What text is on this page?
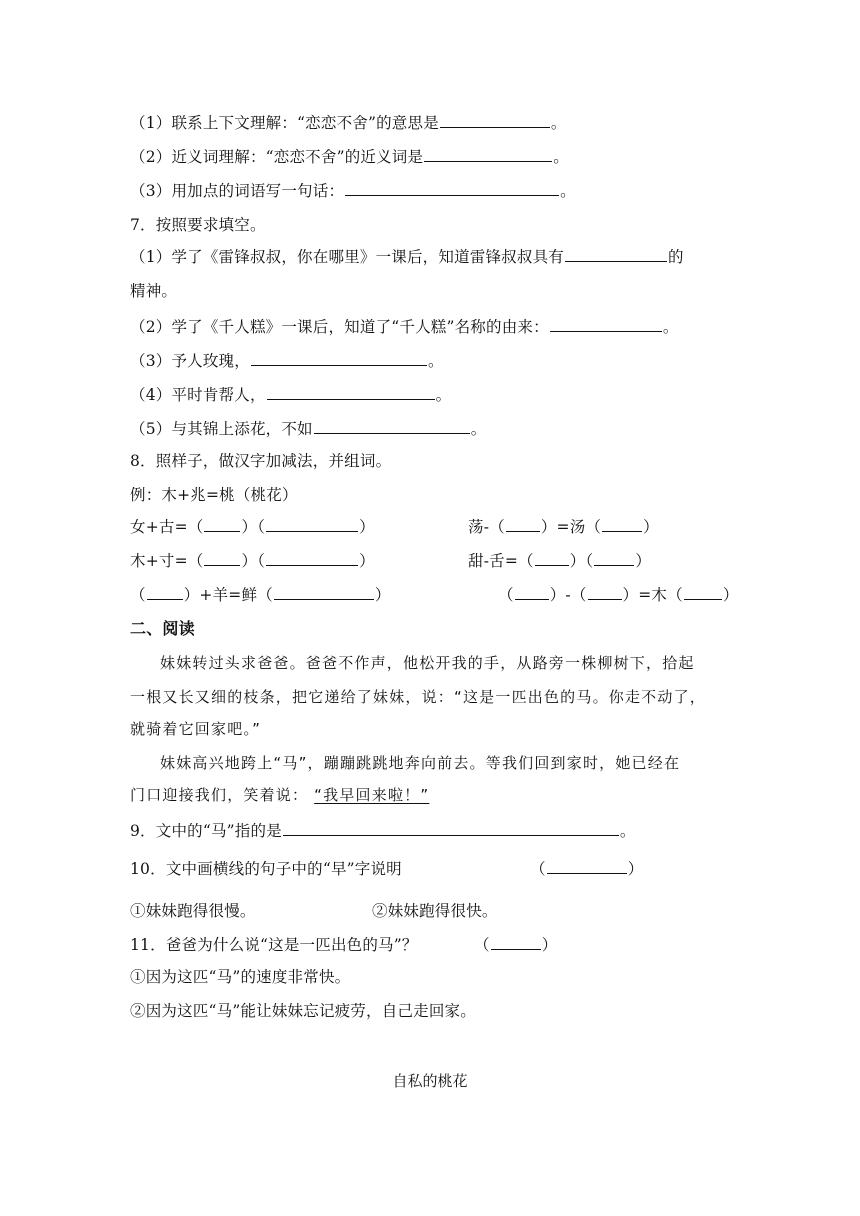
（1）联系上下文理解：“恋恋不舍”的意思是	。
（2）近义词理解：“恋恋不舍”的近义词是	。
（3）用加点的词语写一句话：	。
7．按照要求填空。
（1）学了《雷锋叔叔，你在哪里》一课后，知道雷锋叔叔具有	的
精神。
（2）学了《千人糕》一课后，知道了“千人糕”名称的由来：	。
（3）予人玫瑰，	。
（4）平时肯帮人，	。
（5）与其锦上添花，不如	。
8．照样子，做汉字加减法，并组词。
例：木+兆=桃（桃花）
女+古=（ ）（	）	荡-（ ）=汤（	）
木+寸=（ ）（	）	甜-舌=（ ）（	）
（ ）+羊=鲜（	）	（ ）-（ ）=木（	）
二、阅读
妹妹转过头求爸爸。爸爸不作声，他松开我的手，从路旁一株柳树下，拾起
一根又长又细的枝条，把它递给了妹妹，说：“这是一匹出色的马。你走不动了，
就骑着它回家吧。”
妹妹高兴地跨上“马”，蹦蹦跳跳地奔向前去。等我们回到家时，她已经在
门口迎接我们，笑着说： “我早回来啦！”
9．文中的“马”指的是	。
10．文中画横线的句子中的“早”字说明	（	）
①妹妹跑得很慢。	②妹妹跑得很快。
11．爸爸为什么说“这是一匹出色的马”？	（	）
①因为这匹“马”的速度非常快。
②因为这匹“马”能让妹妹忘记疲劳，自己走回家。
自私的桃花
